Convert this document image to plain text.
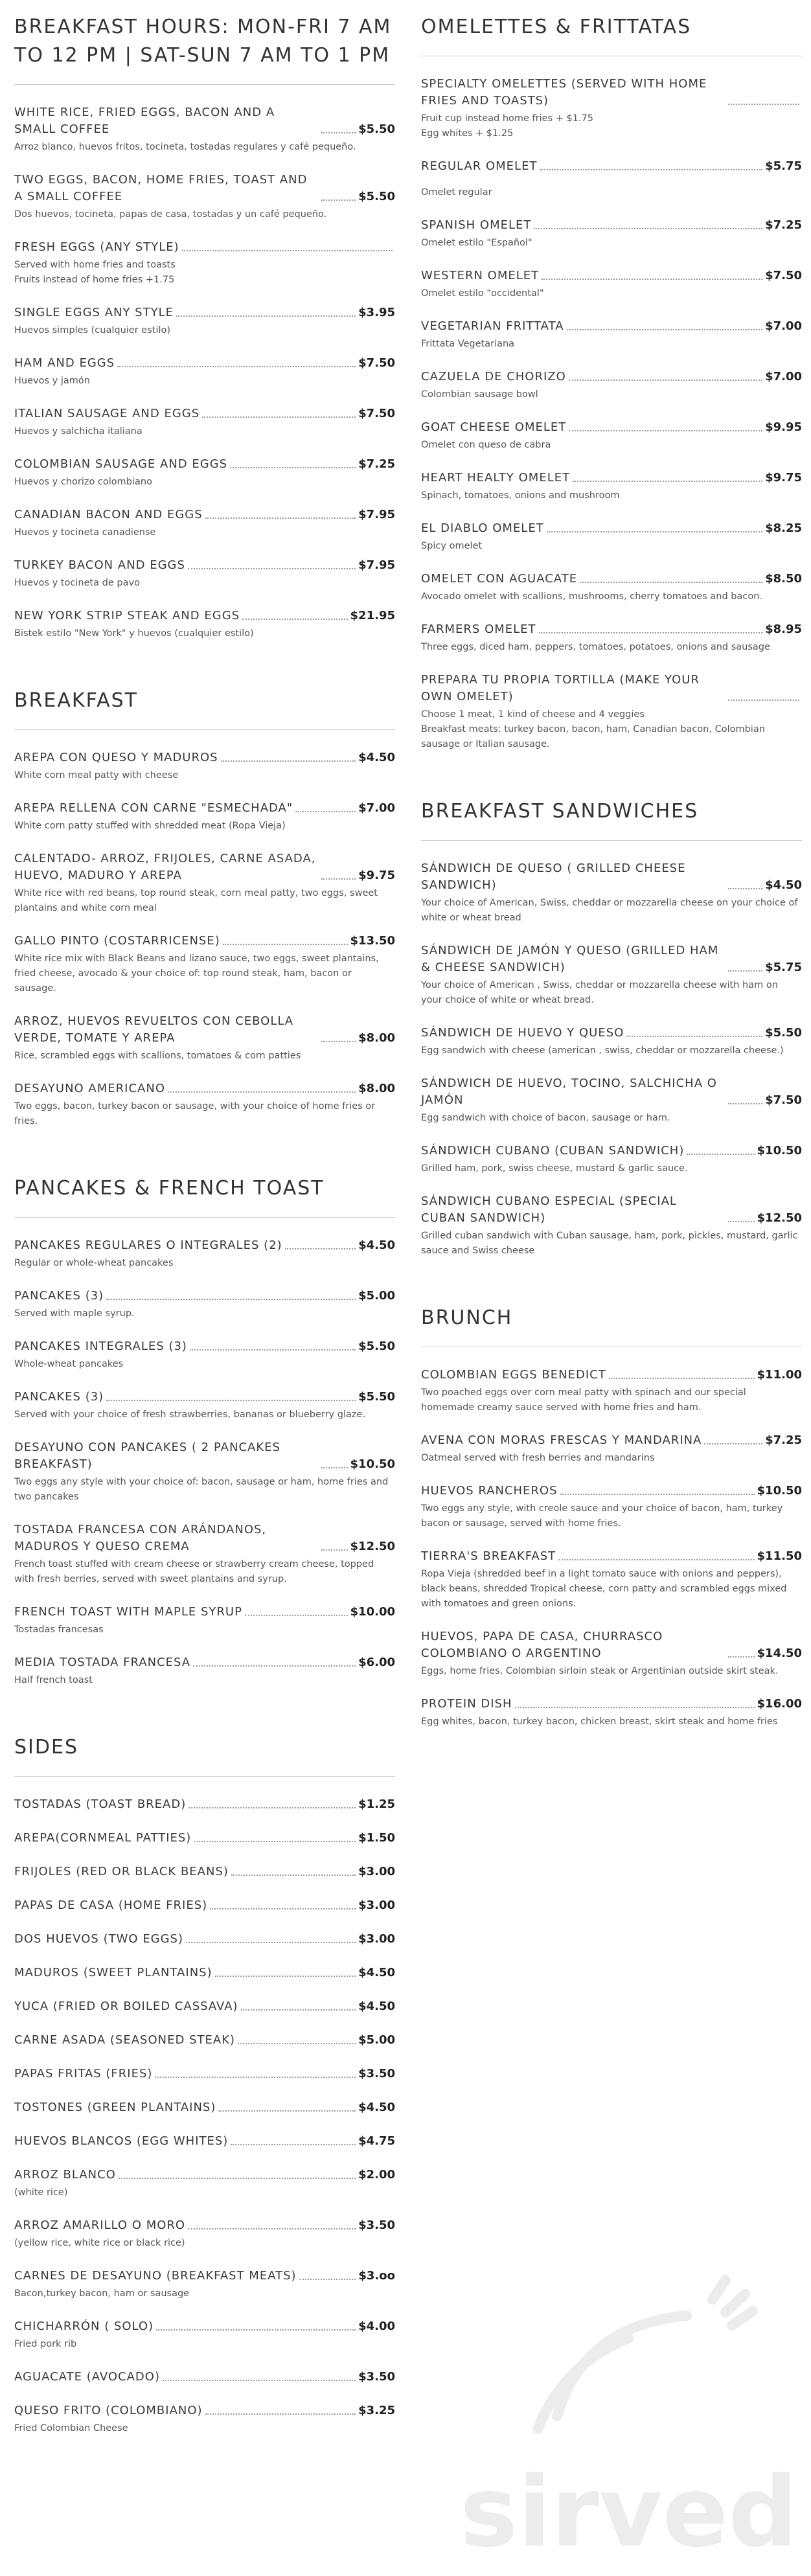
BREAKFAST HOURS: MON-FRI 7 AM TO 12 PM | SAT-SUN 7 AM TO 1 PM
WHITE RICE, FRIED EGGS, BACON AND A SMALL COFFEE	$5.50
Arroz blanco, huevos fritos, tocineta, tostadas regulares y café pequeño.
TWO EGGS, BACON, HOME FRIES, TOAST AND A SMALL COFFEE	$5.50
Dos huevos, tocineta, papas de casa, tostadas y un café pequeño.
FRESH EGGS (ANY STYLE)
Served with home fries and toasts
Fruits instead of home fries +1.75
SINGLE EGGS ANY STYLE	$3.95
Huevos simples (cualquier estilo)
HAM AND EGGS	$7.50
Huevos y jamón
ITALIAN SAUSAGE AND EGGS	$7.50
Huevos y salchicha italiana
COLOMBIAN SAUSAGE AND EGGS	$7.25
Huevos y chorizo colombiano
CANADIAN BACON AND EGGS	$7.95
Huevos y tocineta canadiense
TURKEY BACON AND EGGS	$7.95
Huevos y tocineta de pavo
NEW YORK STRIP STEAK AND EGGS	$21.95
Bistek estilo "New York" y huevos (cualquier estilo)
BREAKFAST
AREPA CON QUESO Y MADUROS	$4.50
White corn meal patty with cheese
AREPA RELLENA CON CARNE "ESMECHADA"	$7.00
White corn patty stuffed with shredded meat (Ropa Vieja)
CALENTADO- ARROZ, FRIJOLES, CARNE ASADA, HUEVO, MADURO Y AREPA	$9.75
White rice with red beans, top round steak, corn meal patty, two eggs, sweet plantains and white corn meal
GALLO PINTO (COSTARRICENSE)	$13.50
White rice mix with Black Beans and lizano sauce, two eggs, sweet plantains, fried cheese, avocado & your choice of: top round steak, ham, bacon or sausage.
ARROZ, HUEVOS REVUELTOS CON CEBOLLA VERDE, TOMATE Y AREPA	$8.00
Rice, scrambled eggs with scallions, tomatoes & corn patties
DESAYUNO AMERICANO	$8.00
Two eggs, bacon, turkey bacon or sausage, with your choice of home fries or fries.
PANCAKES & FRENCH TOAST
PANCAKES REGULARES O INTEGRALES (2)	$4.50
Regular or whole-wheat pancakes
PANCAKES (3)	$5.00
Served with maple syrup.
PANCAKES INTEGRALES (3)	$5.50
Whole-wheat pancakes
PANCAKES (3)	$5.50
Served with your choice of fresh strawberries, bananas or blueberry glaze.
DESAYUNO CON PANCAKES ( 2 PANCAKES BREAKFAST)	$10.50
Two eggs any style with your choice of: bacon, sausage or ham, home fries and two pancakes
TOSTADA FRANCESA CON ARÁNDANOS, MADUROS Y QUESO CREMA	$12.50
French toast stuffed with cream cheese or strawberry cream cheese, topped with fresh berries, served with sweet plantains and syrup.
FRENCH TOAST WITH MAPLE SYRUP	$10.00
Tostadas francesas
MEDIA TOSTADA FRANCESA	$6.00
Half french toast
SIDES
TOSTADAS (TOAST BREAD)	$1.25
AREPA(CORNMEAL PATTIES)	$1.50
FRIJOLES (RED OR BLACK BEANS)	$3.00
PAPAS DE CASA (HOME FRIES)	$3.00
DOS HUEVOS (TWO EGGS)	$3.00
MADUROS (SWEET PLANTAINS)	$4.50
YUCA (FRIED OR BOILED CASSAVA)	$4.50
CARNE ASADA (SEASONED STEAK)	$5.00
PAPAS FRITAS (FRIES)	$3.50
TOSTONES (GREEN PLANTAINS)	$4.50
HUEVOS BLANCOS (EGG WHITES)	$4.75
ARROZ BLANCO	$2.00
(white rice)
ARROZ AMARILLO O MORO	$3.50
(yellow rice, white rice or black rice)
CARNES DE DESAYUNO (BREAKFAST MEATS)	$3.oo
Bacon,turkey bacon, ham or sausage
CHICHARRÓN ( SOLO)	$4.00
Fried pork rib
AGUACATE (AVOCADO)	$3.50
QUESO FRITO (COLOMBIANO)	$3.25
Fried Colombian Cheese
OMELETTES & FRITTATAS
SPECIALTY OMELETTES (SERVED WITH HOME FRIES AND TOASTS)
Fruit cup instead home fries + $1.75
Egg whites + $1.25
REGULAR OMELET	$5.75
Omelet regular
SPANISH OMELET	$7.25
Omelet estilo "Español"
WESTERN OMELET	$7.50
Omelet estilo "occidental"
VEGETARIAN FRITTATA	$7.00
Frittata Vegetariana
CAZUELA DE CHORIZO	$7.00
Colombian sausage bowl
GOAT CHEESE OMELET	$9.95
Omelet con queso de cabra
HEART HEALTY OMELET	$9.75
Spinach, tomatoes, onions and mushroom
EL DIABLO OMELET	$8.25
Spicy omelet
OMELET CON AGUACATE	$8.50
Avocado omelet with scallions, mushrooms, cherry tomatoes and bacon.
FARMERS OMELET	$8.95
Three eggs, diced ham, peppers, tomatoes, potatoes, onions and sausage
PREPARA TU PROPIA TORTILLA (MAKE YOUR OWN OMELET)
Choose 1 meat, 1 kind of cheese and 4 veggies
Breakfast meats: turkey bacon, bacon, ham, Canadian bacon, Colombian sausage or Italian sausage.
BREAKFAST SANDWICHES
SÁNDWICH DE QUESO ( GRILLED CHEESE SANDWICH)	$4.50
Your choice of American, Swiss, cheddar or mozzarella cheese on your choice of white or wheat bread
SÁNDWICH DE JAMÓN Y QUESO (GRILLED HAM & CHEESE SANDWICH)	$5.75
Your choice of American , Swiss, cheddar or mozzarella cheese with ham on your choice of white or wheat bread.
SÁNDWICH DE HUEVO Y QUESO	$5.50
Egg sandwich with cheese (american , swiss, cheddar or mozzarella cheese.)
SÁNDWICH DE HUEVO, TOCINO, SALCHICHA O JAMÓN	$7.50
Egg sandwich with choice of bacon, sausage or ham.
SÁNDWICH CUBANO (CUBAN SANDWICH)	$10.50
Grilled ham, pork, swiss cheese, mustard & garlic sauce.
SÁNDWICH CUBANO ESPECIAL (SPECIAL CUBAN SANDWICH)	$12.50
Grilled cuban sandwich with Cuban sausage, ham, pork, pickles, mustard, garlic sauce and Swiss cheese
BRUNCH
COLOMBIAN EGGS BENEDICT	$11.00
Two poached eggs over corn meal patty with spinach and our special homemade creamy sauce served with home fries and ham.
AVENA CON MORAS FRESCAS Y MANDARINA	$7.25
Oatmeal served with fresh berries and mandarins
HUEVOS RANCHEROS	$10.50
Two eggs any style, with creole sauce and your choice of bacon, ham, turkey bacon or sausage, served with home fries.
TIERRA'S BREAKFAST	$11.50
Ropa Vieja (shredded beef in a light tomato sauce with onions and peppers), black beans, shredded Tropical cheese, corn patty and scrambled eggs mixed with tomatoes and green onions.
HUEVOS, PAPA DE CASA, CHURRASCO COLOMBIANO O ARGENTINO	$14.50
Eggs, home fries, Colombian sirloin steak or Argentinian outside skirt steak.
PROTEIN DISH	$16.00
Egg whites, bacon, turkey bacon, chicken breast, skirt steak and home fries
sirved
